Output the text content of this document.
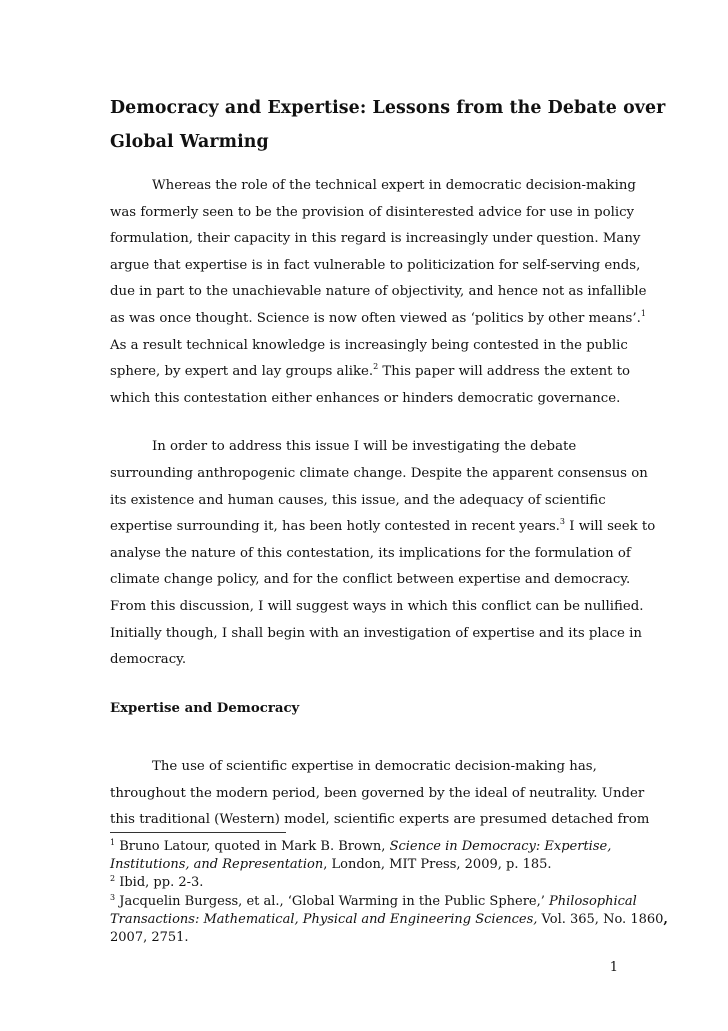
Democracy and Expertise: Lessons from the Debate over
Global Warming
Whereas the role of the technical expert in democratic decision-making
was formerly seen to be the provision of disinterested advice for use in policy
formulation, their capacity in this regard is increasingly under question. Many
argue that expertise is in fact vulnerable to politicization for self-serving ends,
due in part to the unachievable nature of objectivity, and hence not as infallible
as was once thought. Science is now often viewed as ‘politics by other means’.$^1$
As a result technical knowledge is increasingly being contested in the public
sphere, by expert and lay groups alike.$^2$ This paper will address the extent to
which this contestation either enhances or hinders democratic governance.
In order to address this issue I will be investigating the debate
surrounding anthropogenic climate change. Despite the apparent consensus on
its existence and human causes, this issue, and the adequacy of scientific
expertise surrounding it, has been hotly contested in recent years.$^3$ I will seek to
analyse the nature of this contestation, its implications for the formulation of
climate change policy, and for the conflict between expertise and democracy.
From this discussion, I will suggest ways in which this conflict can be nullified.
Initially though, I shall begin with an investigation of expertise and its place in
democracy.
Expertise and Democracy
The use of scientific expertise in democratic decision-making has,
throughout the modern period, been governed by the ideal of neutrality. Under
this traditional (Western) model, scientific experts are presumed detached from
$^1$ Bruno Latour, quoted in Mark B. Brown, Science in Democracy: Expertise,
Institutions, and Representation, London, MIT Press, 2009, p. 185.
$^2$ Ibid, pp. 2-3.
$^3$ Jacquelin Burgess, et al., ‘Global Warming in the Public Sphere,’ Philosophical
Transactions: Mathematical, Physical and Engineering Sciences, Vol. 365, No. 1860,
2007, 2751.
1
